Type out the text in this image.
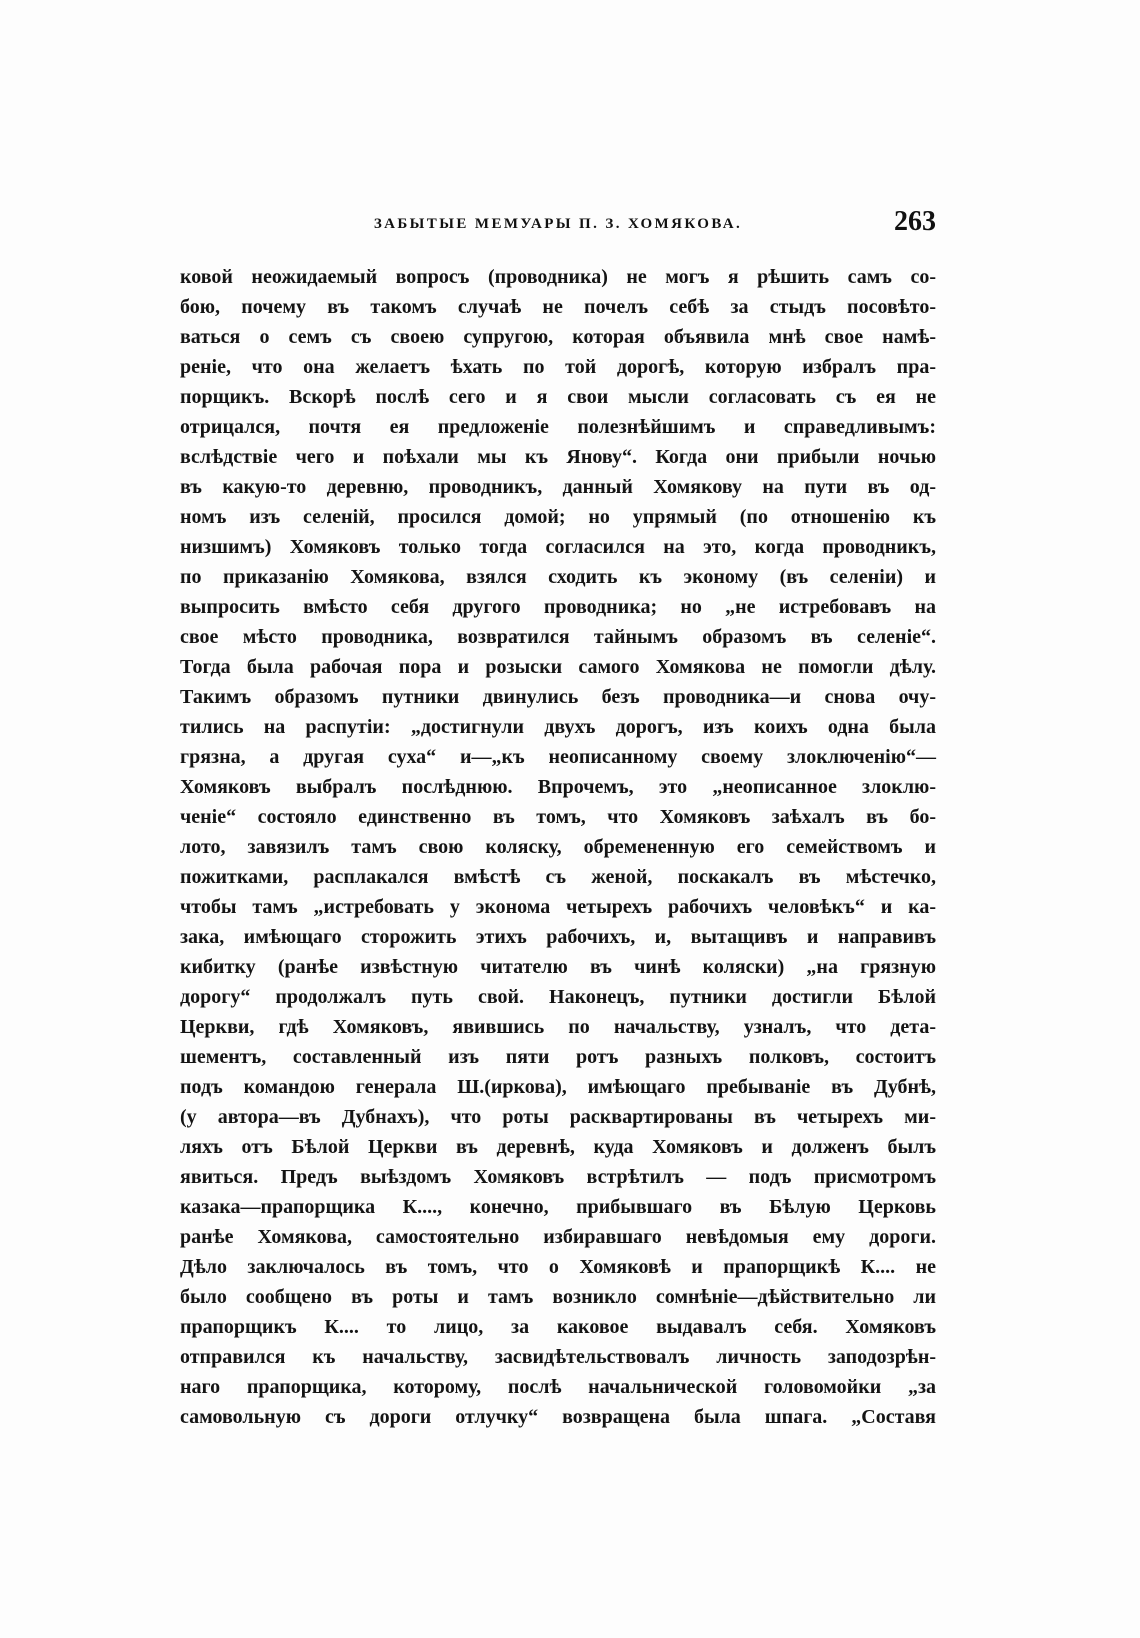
ЗАБЫТЫЕ МЕМУАРЫ П. З. ХОМЯКОВА.	263
ковой неожидаемый вопросъ (проводника) не могъ я рѣшить самъ со-
бою, почему въ такомъ случаѣ не почелъ себѣ за стыдъ посовѣто-
ваться о семъ съ своею супругою, которая объявила мнѣ свое намѣ-
реніе, что она желаетъ ѣхать по той дорогѣ, которую избралъ пра-
порщикъ. Вскорѣ послѣ сего и я свои мысли согласовать съ ея не
отрицался, почтя ея предложеніе полезнѣйшимъ и справедливымъ:
вслѣдствіе чего и поѣхали мы къ Янову“. Когда они прибыли ночью
въ какую-то деревню, проводникъ, данный Хомякову на пути въ од-
номъ изъ селеній, просился домой; но упрямый (по отношенію къ
низшимъ) Хомяковъ только тогда согласился на это, когда проводникъ,
по приказанію Хомякова, взялся сходить къ эконому (въ селеніи) и
выпросить вмѣсто себя другого проводника; но „не истребовавъ на
свое мѣсто проводника, возвратился тайнымъ образомъ въ селеніе“.
Тогда была рабочая пора и розыски самого Хомякова не помогли дѣлу.
Такимъ образомъ путники двинулись безъ проводника—и снова очу-
тились на распутіи: „достигнули двухъ дорогъ, изъ коихъ одна была
грязна, а другая суха“ и—„къ неописанному своему злоключенію“—
Хомяковъ выбралъ послѣднюю. Впрочемъ, это „неописанное злоклю-
ченіе“ состояло единственно въ томъ, что Хомяковъ заѣхалъ въ бо-
лото, завязилъ тамъ свою коляску, обремененную его семействомъ и
пожитками, расплакался вмѣстѣ съ женой, поскакалъ въ мѣстечко,
чтобы тамъ „истребовать у эконома четырехъ рабочихъ человѣкъ“ и ка-
зака, имѣющаго сторожить этихъ рабочихъ, и, вытащивъ и направивъ
кибитку (ранѣе извѣстную читателю въ чинѣ коляски) „на грязную
дорогу“ продолжалъ путь свой. Наконецъ, путники достигли Бѣлой
Церкви, гдѣ Хомяковъ, явившись по начальству, узналъ, что дета-
шементъ, составленный изъ пяти ротъ разныхъ полковъ, состоитъ
подъ командою генерала Ш.(иркова), имѣющаго пребываніе въ Дубнѣ,
(у автора—въ Дубнахъ), что роты расквартированы въ четырехъ ми-
ляхъ отъ Бѣлой Церкви въ деревнѣ, куда Хомяковъ и долженъ былъ
явиться. Предъ выѣздомъ Хомяковъ встрѣтилъ — подъ присмотромъ
казака—прапорщика К...., конечно, прибывшаго въ Бѣлую Церковь
ранѣе Хомякова, самостоятельно избиравшаго невѣдомыя ему дороги.
Дѣло заключалось въ томъ, что о Хомяковѣ и прапорщикѣ К.... не
было сообщено въ роты и тамъ возникло сомнѣніе—дѣйствительно ли
прапорщикъ К.... то лицо, за каковое выдавалъ себя. Хомяковъ
отправился къ начальству, засвидѣтельствовалъ личность заподозрѣн-
наго прапорщика, которому, послѣ начальнической головомойки „за
самовольную съ дороги отлучку“ возвращена была шпага. „Составя
